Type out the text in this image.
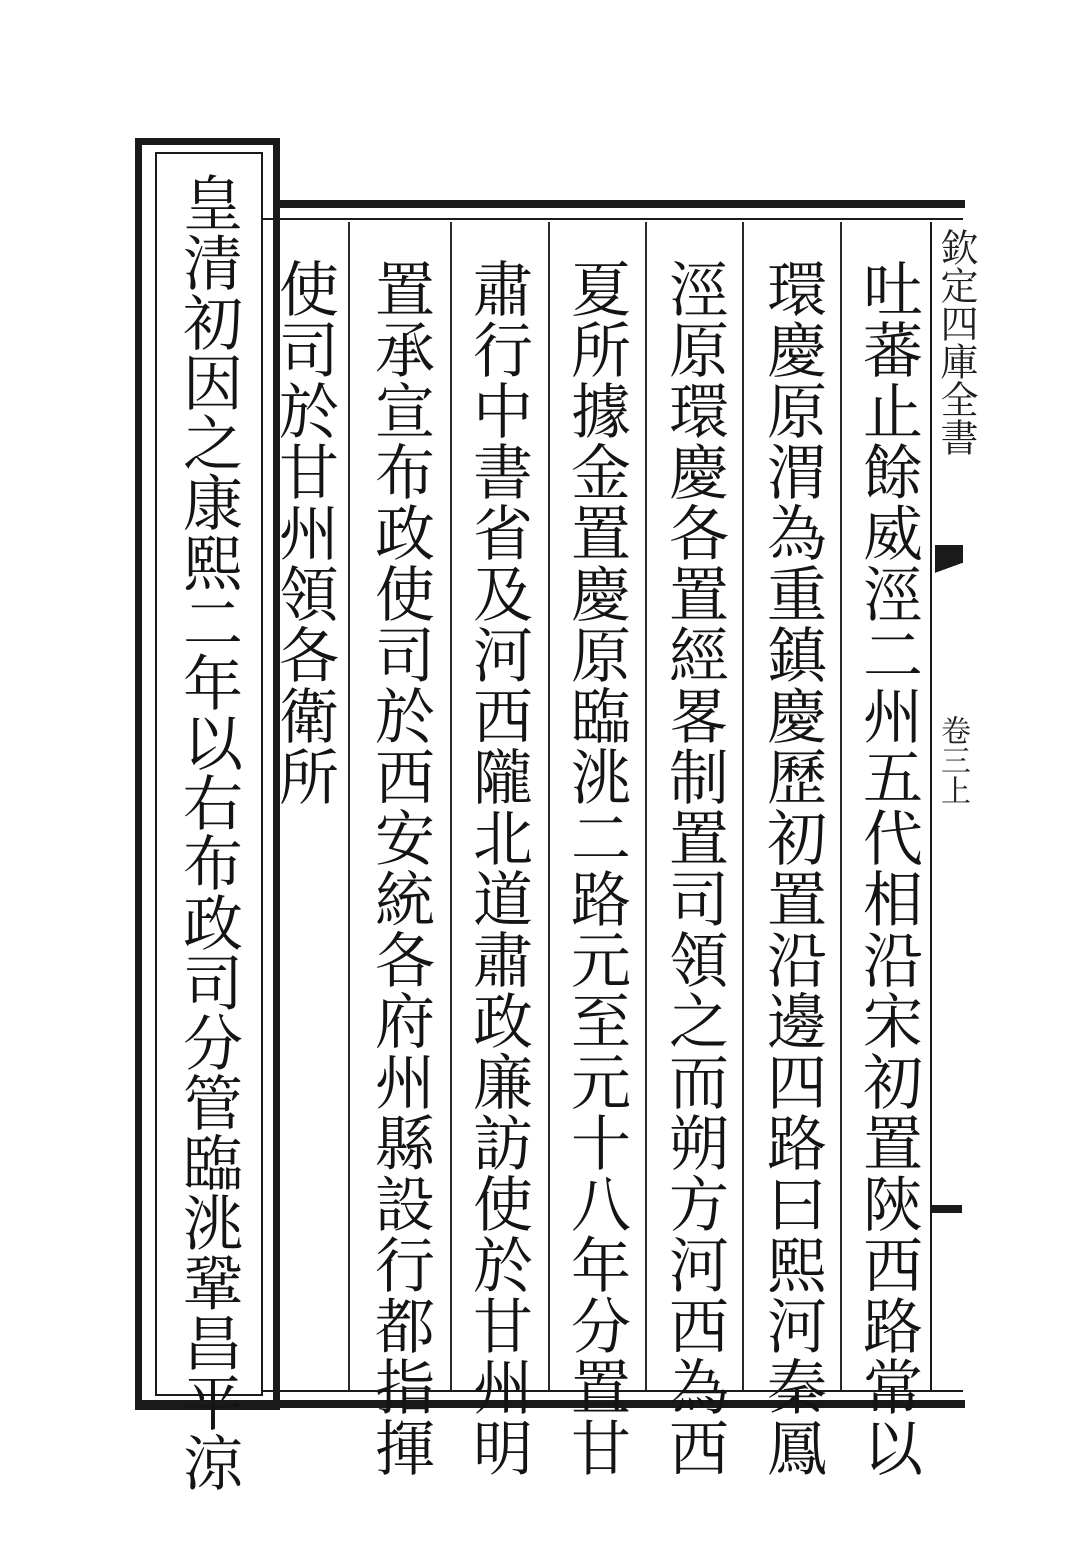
欽定四庫全書
卷三上
皇清初因之康熙二年以右布政司分管臨洮鞏昌平涼	吐蕃止餘威涇二州五代相沿宋初置陝西路常以
環慶原渭為重鎮慶歷初置沿邊四路曰熙河秦鳳
涇原環慶各置經畧制置司領之而朔方河西為西
夏所據金置慶原臨洮二路元至元十八年分置甘
肅行中書省及河西隴北道肅政廉訪使於甘州明
置承宣布政使司於西安統各府州縣設行都指揮
使司於甘州領各衛所
